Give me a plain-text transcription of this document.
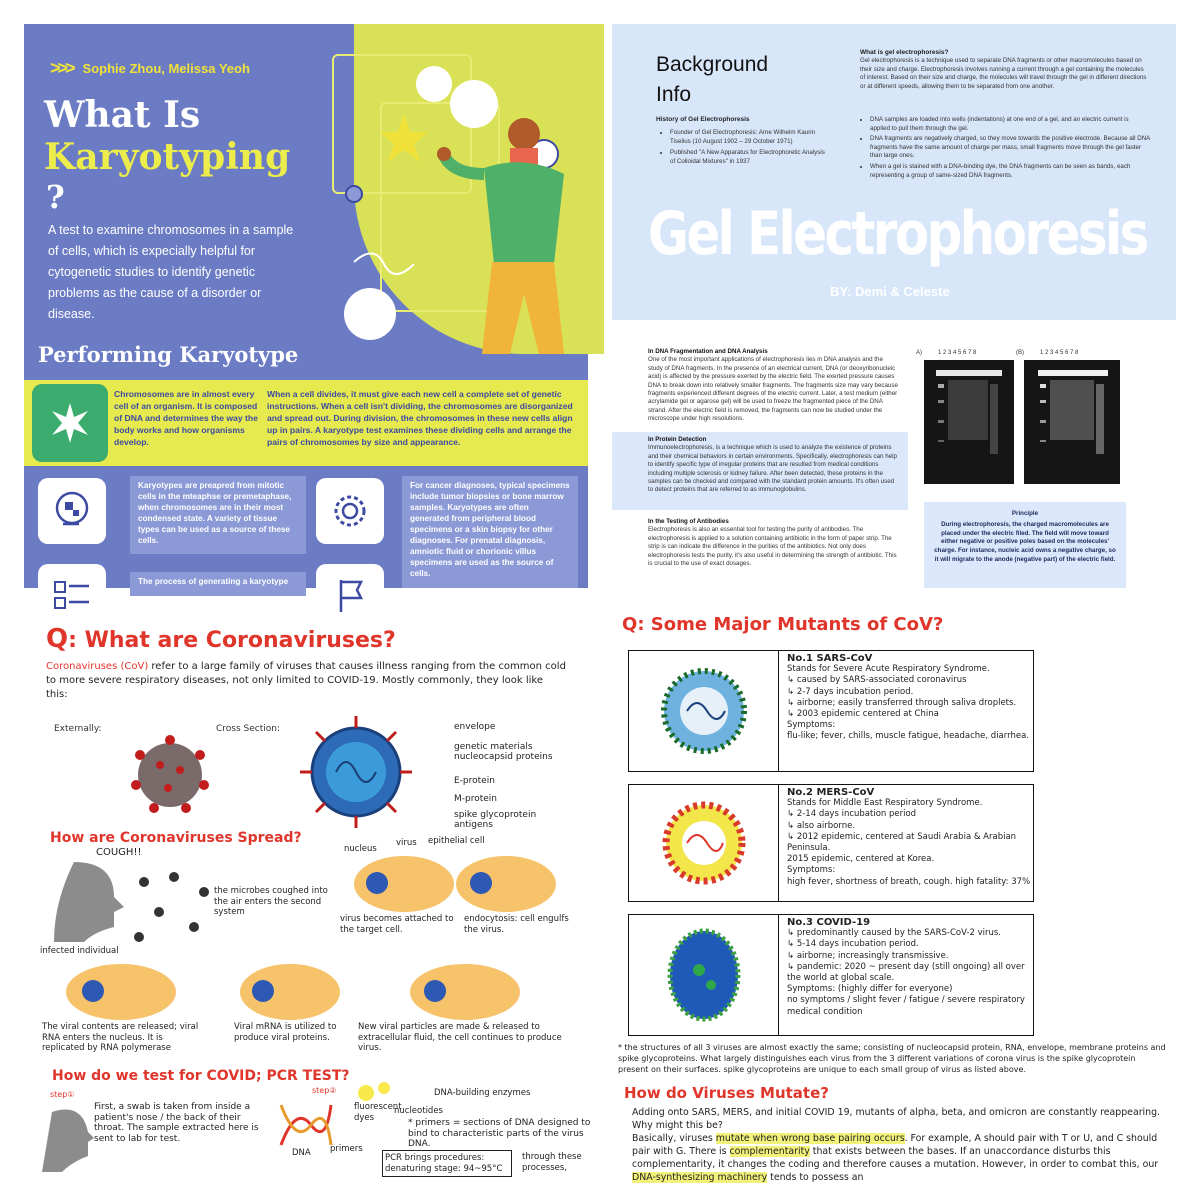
>>> Sophie Zhou, Melissa Yeoh
What Is
Karyotyping
?
A test to examine chromosomes in a sample of cells, which is expecially helpful for cytogenetic studies to identify genetic problems as the cause of a disorder or disease.
Performing Karyotype
Chromosomes are in almost every cell of an organism. It is composed of DNA and determines the way the body works and how organisms develop.
When a cell divides, it must give each new cell a complete set of genetic instructions. When a cell isn't dividing, the chromosomes are disorganized and spread out. During division, the chromosomes in these new cells align up in pairs. A karyotype test examines these dividing cells and arrange the pairs of chromosomes by size and appearance.
Karyotypes are preapred from mitotic cells in the mteaphse or premetaphase, when chromosomes are in their most condensed state. A variety of tissue types can be used as a source of these cells.
For cancer diagnoses, typical specimens include tumor biopsies or bone marrow samples. Karyotypes are often generated from peripheral blood specimens or a skin biopsy for other diagnoses. For prenatal diagnosis, amniotic fluid or chorionic villus specimens are used as the source of cells.
The process of generating a karyotype
Background Info
History of Gel Electrophoresis
• Founder of Gel Electrophoresis: Arne Wilhelm Kaurin Tiselius (10 August 1902 – 29 October 1971)
• Published "A New Apparatus for Electrophoretic Analysis of Colloidal Mixtures" in 1937
What is gel electrophoresis?
Gel electrophoresis is a technique used to separate DNA fragments or other macromolecules based on their size and charge. Electrophoresis involves running a current through a gel containing the molecules of interest. Based on their size and charge, the molecules will travel through the gel in different directions or at different speeds, allowing them to be separated from one another.
• DNA samples are loaded into wells (indentations) at one end of a gel, and an electric current is applied to pull them through the gel.
• DNA fragments are negatively charged, so they move towards the positive electrode. Because all DNA fragments have the same amount of charge per mass, small fragments move through the gel faster than large ones.
• When a gel is stained with a DNA-binding dye, the DNA fragments can be seen as bands, each representing a group of same-sized DNA fragments.
Gel Electrophoresis
BY: Demi & Celeste
In DNA Fragmentation and DNA Analysis
One of the most important applications of electrophoresis lies in DNA analysis and the study of DNA fragments. In the presence of an electrical current, DNA (or deoxyribonucleic acid) is affected by the pressure exerted by the electric field. The exerted pressure causes DNA to break down into relatively smaller fragments. The fragments size may vary because fragments experienced different degrees of the electric current. Later, a test medium (either acrylamide gel or agarose gel) will be used to freeze the fragmented piece of the DNA strand. After the electric field is removed, the fragments can now be studied under the microscope under high resolutions.
In Protein Detection
Immunoelectrophoresis, is a technique which is used to analyze the existence of proteins and their chemical behaviors in certain environments. Specifically, electrophoresis can help to identify specific type of irregular proteins that are resulted from medical conditions including multiple sclerosis or kidney failure. After been detected, these proteins in the samples can be checked and compared with the standard protein amounts. It's often used to detect proteins that are referred to as immunoglobulins.
In the Testing of Antibodies
Electrophoresis is also an essential tool for testing the purity of antibodies. The electrophoresis is applied to a solution containing antibiotic in the form of paper strip. The strip is can indicate the difference in the purities of the antibiotics. Not only does electrophoresis tests the purity, it's also useful in determining the strength of antibiotic. This is crucial to the use of exact dosages.
A)	1 2 3 4 5 6 7 8	(B)	1 2 3 4 5 6 7 8
Principle
During electrophoresis, the charged macromolecules are placed under the electric filed. The field will move toward either negative or positive poles based on the molecules' charge. For instance, nucleic acid owns a negative charge, so it will migrate to the anode (negative part) of the electric field.
Q: What are Coronaviruses?
Coronaviruses (CoV) refer to a large family of viruses that causes illness ranging from the common cold to more severe respiratory diseases, not only limited to COVID-19. Mostly commonly, they look like this:
Externally:	Cross Section:	envelope
genetic materials nucleocapsid proteins
E-protein
M-protein
spike glycoprotein antigens
How are Coronaviruses Spread?
COUGH!!
infected individual
the microbes coughed into the air enters the second system
nucleus
virus epithelial cell
virus becomes attached to the target cell.
endocytosis: cell engulfs the virus.
The viral contents are released; viral RNA enters the nucleus. It is replicated by RNA polymerase
Viral mRNA is utilized to produce viral proteins.
New viral particles are made & released to extracellular fluid, the cell continues to produce virus.
How do we test for COVID; PCR TEST?
step①
First, a swab is taken from inside a patient's nose / the back of their throat. The sample extracted here is sent to lab for test.
step②
DNA primers
fluorescent dyes
DNA-building enzymes
nucleotides
* primers = sections of DNA designed to bind to characteristic parts of the virus DNA.
PCR brings procedures: denaturing stage: 94~95°C
through these processes,
Q: Some Major Mutants of CoV?
No.1 SARS-CoV
Stands for Severe Acute Respiratory Syndrome.
↳ caused by SARS-associated coronavirus
↳ 2-7 days incubation period.
↳ airborne; easily transferred through saliva droplets.
↳ 2003 epidemic centered at China
Symptoms:
flu-like; fever, chills, muscle fatigue, headache, diarrhea.
No.2 MERS-CoV
Stands for Middle East Respiratory Syndrome.
↳ 2-14 days incubation period
↳ also airborne.
↳ 2012 epidemic, centered at Saudi Arabia & Arabian Peninsula.
2015 epidemic, centered at Korea.
Symptoms:
high fever, shortness of breath, cough. high fatality: 37%
No.3 COVID-19
↳ predominantly caused by the SARS-CoV-2 virus.
↳ 5-14 days incubation period.
↳ airborne; increasingly transmissive.
↳ pandemic: 2020 ~ present day (still ongoing) all over the world at global scale.
Symptoms: (highly differ for everyone)
no symptoms / slight fever / fatigue / severe respiratory medical condition
* the structures of all 3 viruses are almost exactly the same; consisting of nucleocapsid protein, RNA, envelope, membrane proteins and spike glycoproteins. What largely distinguishes each virus from the 3 different variations of corona virus is the spike glycoprotein present on their surfaces. spike glycoproteins are unique to each small group of virus as listed above.
How do Viruses Mutate?
Adding onto SARS, MERS, and initial COVID 19, mutants of alpha, beta, and omicron are constantly reappearing. Why might this be?
Basically, viruses mutate when wrong base pairing occurs. For example, A should pair with T or U, and C should pair with G. There is complementarity that exists between the bases. If an unaccordance disturbs this complementarity, it changes the coding and therefore causes a mutation. However, in order to combat this, our DNA-synthesizing machinery tends to possess an
